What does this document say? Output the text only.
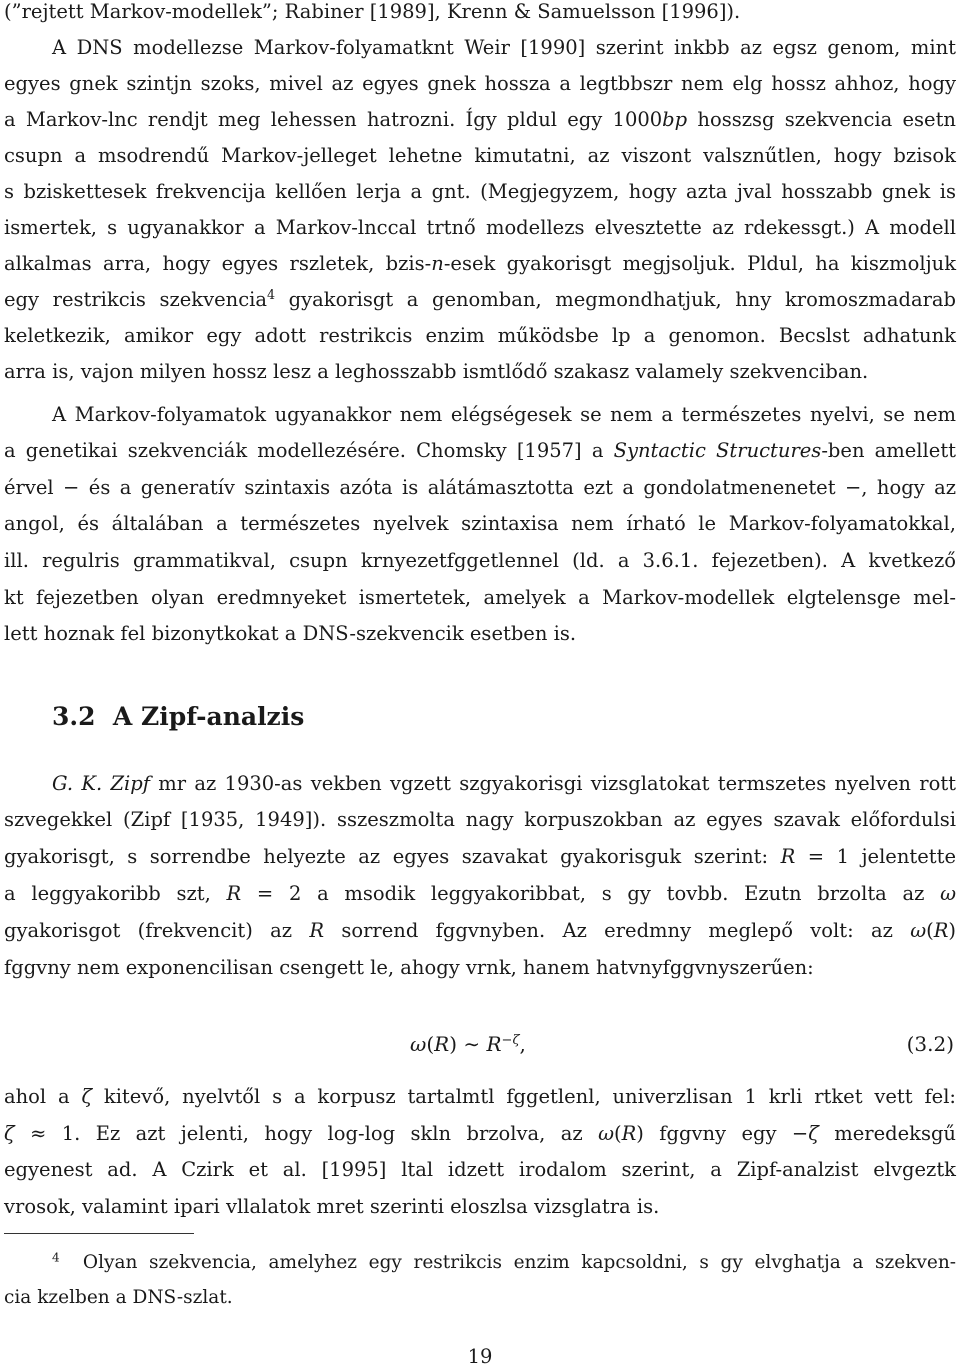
(”rejtett Markov-modellek”; Rabiner [1989], Krenn & Samuelsson [1996]).
A DNS modellezse Markov-folyamatknt Weir [1990] szerint inkbb az egsz genom, mint
egyes gnek szintjn szoks, mivel az egyes gnek hossza a legtbbszr nem elg hossz ahhoz, hogy
a Markov-lnc rendjt meg lehessen hatrozni. Így pldul egy 1000bp hosszsg szekvencia esetn
csupn a msodrendű Markov-jelleget lehetne kimutatni, az viszont valsznűtlen, hogy bzisok
s bziskettesek frekvencija kellően lerja a gnt. (Megjegyzem, hogy azta jval hosszabb gnek is
ismertek, s ugyanakkor a Markov-lnccal trtnő modellezs elvesztette az rdekessgt.) A modell
alkalmas arra, hogy egyes rszletek, bzis-n-esek gyakorisgt megjsoljuk. Pldul, ha kiszmoljuk
egy restrikcis szekvencia$^4$ gyakorisgt a genomban, megmondhatjuk, hny kromoszmadarab
keletkezik, amikor egy adott restrikcis enzim működsbe lp a genomon. Becslst adhatunk
arra is, vajon milyen hossz lesz a leghosszabb ismtlődő szakasz valamely szekvenciban.
A Markov-folyamatok ugyanakkor nem elégségesek se nem a természetes nyelvi, se nem
a genetikai szekvenciák modellezésére. Chomsky [1957] a Syntactic Structures-ben amellett
érvel − és a generatív szintaxis azóta is alátámasztotta ezt a gondolatmenenetet −, hogy az
angol, és általában a természetes nyelvek szintaxisa nem írható le Markov-folyamatokkal,
ill. regulris grammatikval, csupn krnyezetfggetlennel (ld. a 3.6.1. fejezetben). A kvetkező
kt fejezetben olyan eredmnyeket ismertetek, amelyek a Markov-modellek elgtelensge mel-
lett hoznak fel bizonytkokat a DNS-szekvencik esetben is.
3.2 A Zipf-analzis
G. K. Zipf mr az 1930-as vekben vgzett szgyakorisgi vizsglatokat termszetes nyelven rott
szvegekkel (Zipf [1935, 1949]). sszeszmolta nagy korpuszokban az egyes szavak előfordulsi
gyakorisgt, s sorrendbe helyezte az egyes szavakat gyakorisguk szerint: R = 1 jelentette
a leggyakoribb szt, R = 2 a msodik leggyakoribbat, s gy tovbb. Ezutn brzolta az ω
gyakorisgot (frekvencit) az R sorrend fggvnyben. Az eredmny meglepő volt: az ω(R)
fggvny nem exponencilisan csengett le, ahogy vrnk, hanem hatvnyfggvnyszerűen:
ω(R) ∼ $R^{-\zeta}$,	(3.2)
ahol a ζ kitevő, nyelvtől s a korpusz tartalmtl fggetlenl, univerzlisan 1 krli rtket vett fel:
ζ ≈ 1. Ez azt jelenti, hogy log-log skln brzolva, az ω(R) fggvny egy −ζ meredeksgű
egyenest ad. A Czirk et al. [1995] ltal idzett irodalom szerint, a Zipf-analzist elvgeztk
vrosok, valamint ipari vllalatok mret szerinti eloszlsa vizsglatra is.
$^4$ Olyan szekvencia, amelyhez egy restrikcis enzim kapcsoldni, s gy elvghatja a szekven-
cia kzelben a DNS-szlat.
19
